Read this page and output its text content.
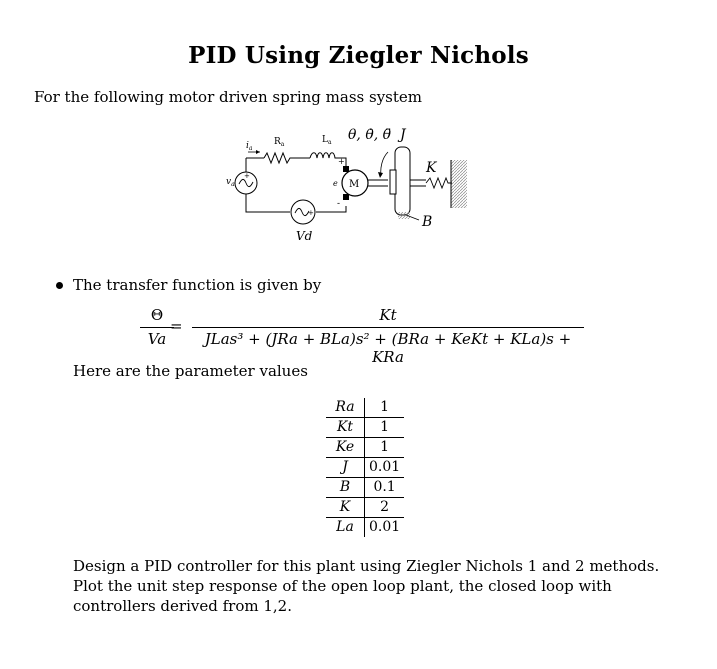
PID Using Ziegler Nichols
For the following motor driven spring mass system
$i_a$
$R_a$	$L_a$ θ, θ̇, θ̈ J
+
$v_a$
+
Vd
+
-
e M
K
B
The transfer function is given by
Θ
Va
=
Kt
JLas³ + (JRa + BLa)s² + (BRa + KeKt + KLa)s + KRa
Here are the parameter values
Ra	1
Kt	1
Ke	1
J	0.01
B	0.1
K	2
La	0.01
Design a PID controller for this plant using Ziegler Nichols 1 and 2 methods. Plot the unit step response of the open loop plant, the closed loop with controllers derived from 1,2.
